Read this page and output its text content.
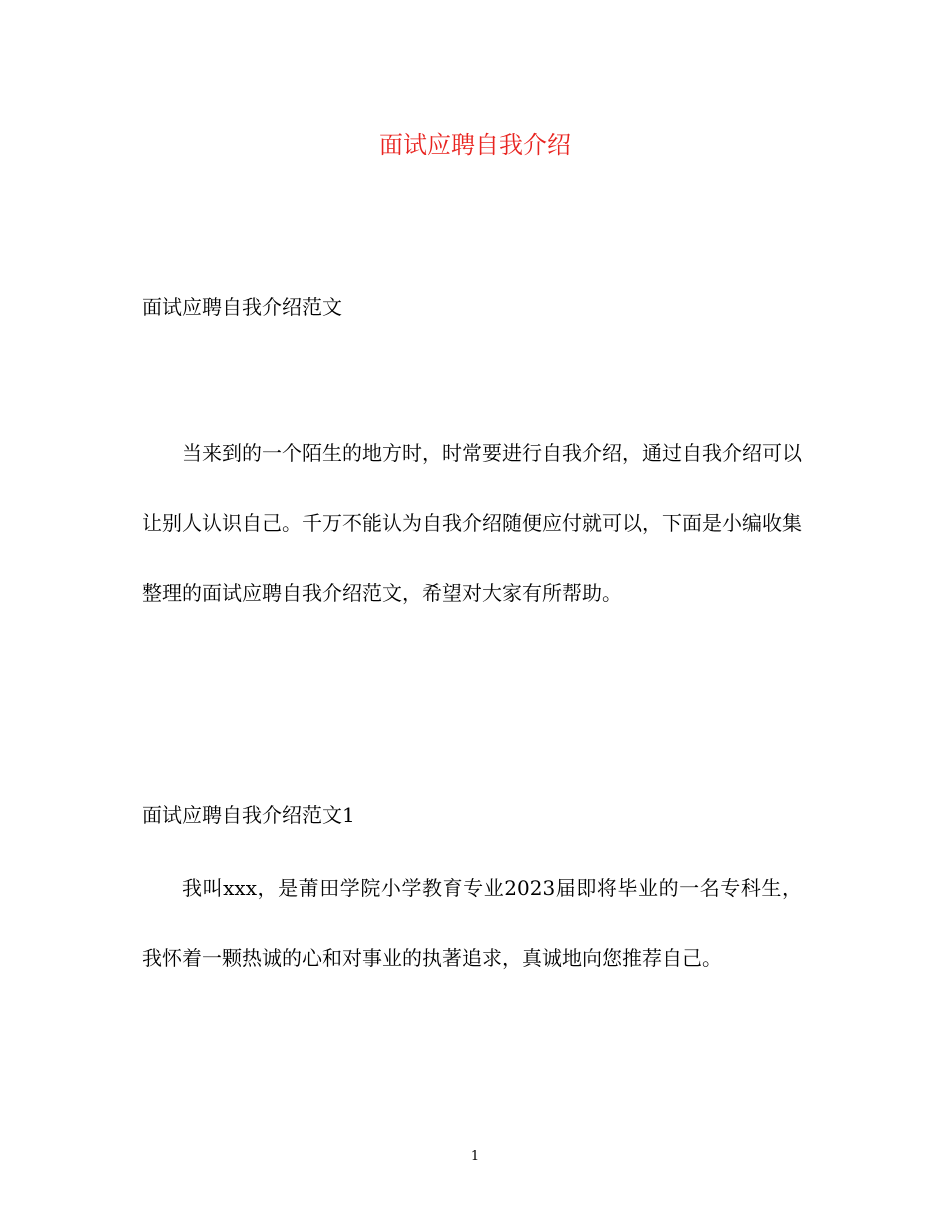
面试应聘自我介绍
面试应聘自我介绍范文

当来到的一个陌生的地方时，时常要进行自我介绍，通过自我介绍可以让别人认识自己。千万不能认为自我介绍随便应付就可以，下面是小编收集整理的面试应聘自我介绍范文，希望对大家有所帮助。

面试应聘自我介绍范文1

我叫xxx，是莆田学院小学教育专业2023届即将毕业的一名专科生，我怀着一颗热诚的心和对事业的执著追求，真诚地向您推荐自己。

1
